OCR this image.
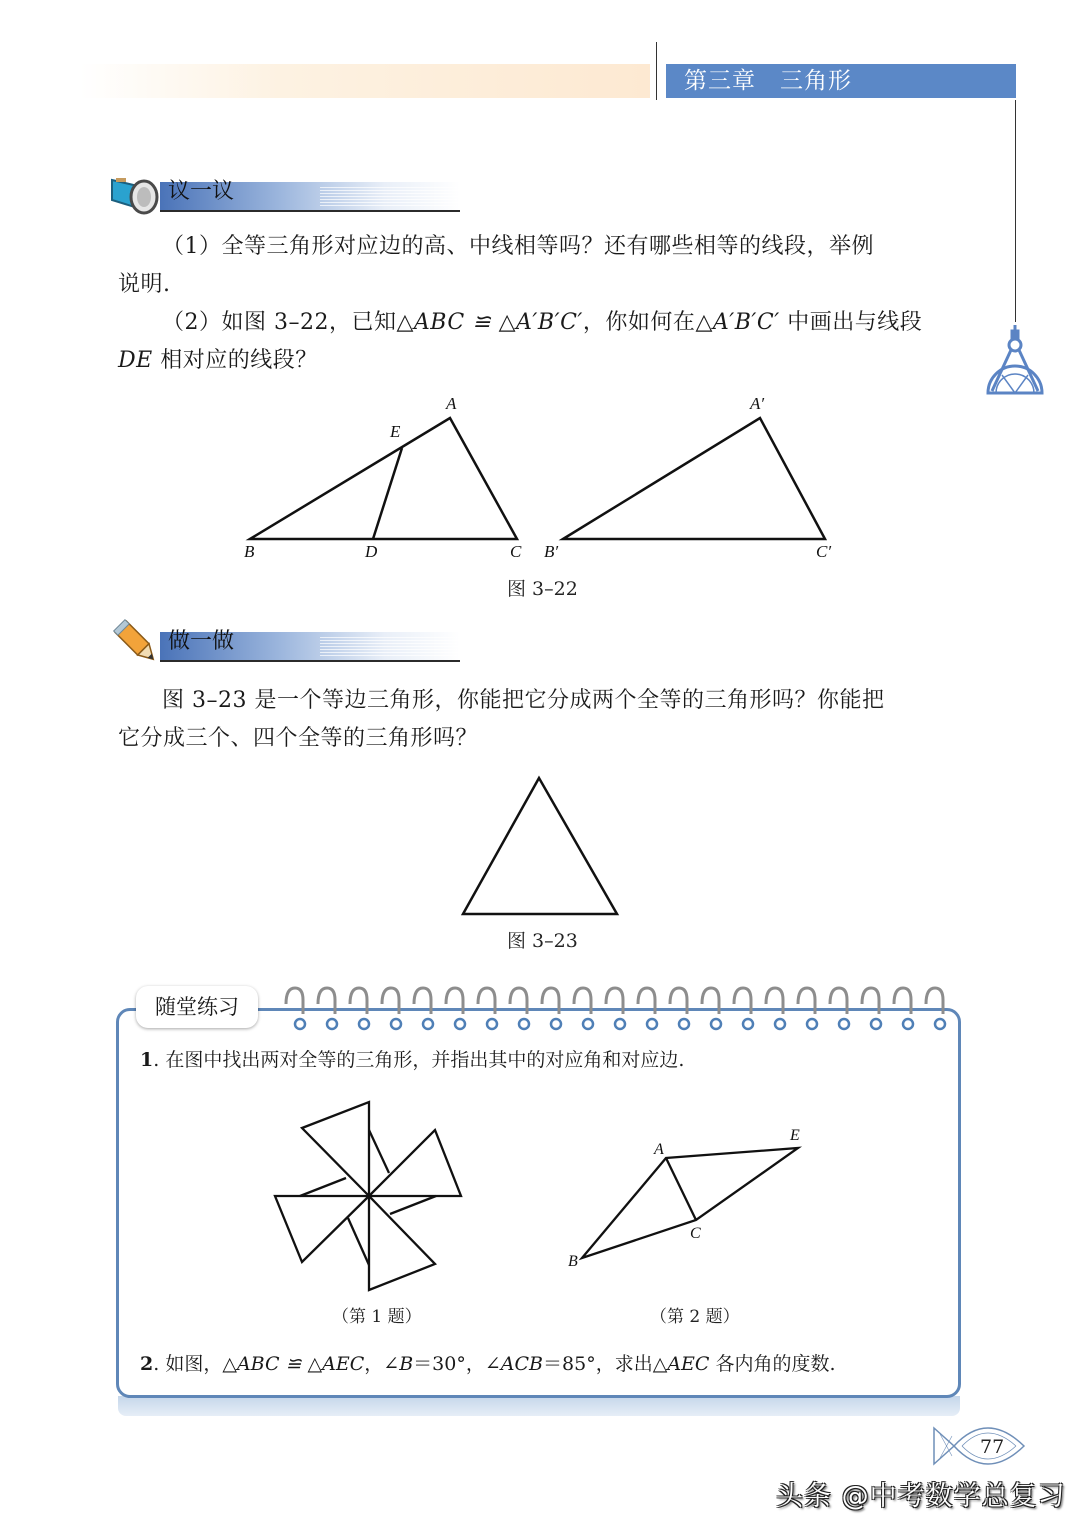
第三章　三角形
议一议
（1）全等三角形对应边的高、中线相等吗？还有哪些相等的线段，举例
说明.
（2）如图 3–22，已知△ABC ≌ △A′B′C′，你如何在△A′B′C′ 中画出与线段
DE 相对应的线段？
A
E
B	D	C
A′
B′	C′
图 3–22
做一做
图 3–23 是一个等边三角形，你能把它分成两个全等的三角形吗？你能把
它分成三个、四个全等的三角形吗？
图 3–23
随堂练习
1. 在图中找出两对全等的三角形，并指出其中的对应角和对应边.
（第 1 题）
A
E
C
B
（第 2 题）
2. 如图，△ABC ≌ △AEC，∠B＝30°，∠ACB＝85°，求出△AEC 各内角的度数.
77
头条 @中考数学总复习
